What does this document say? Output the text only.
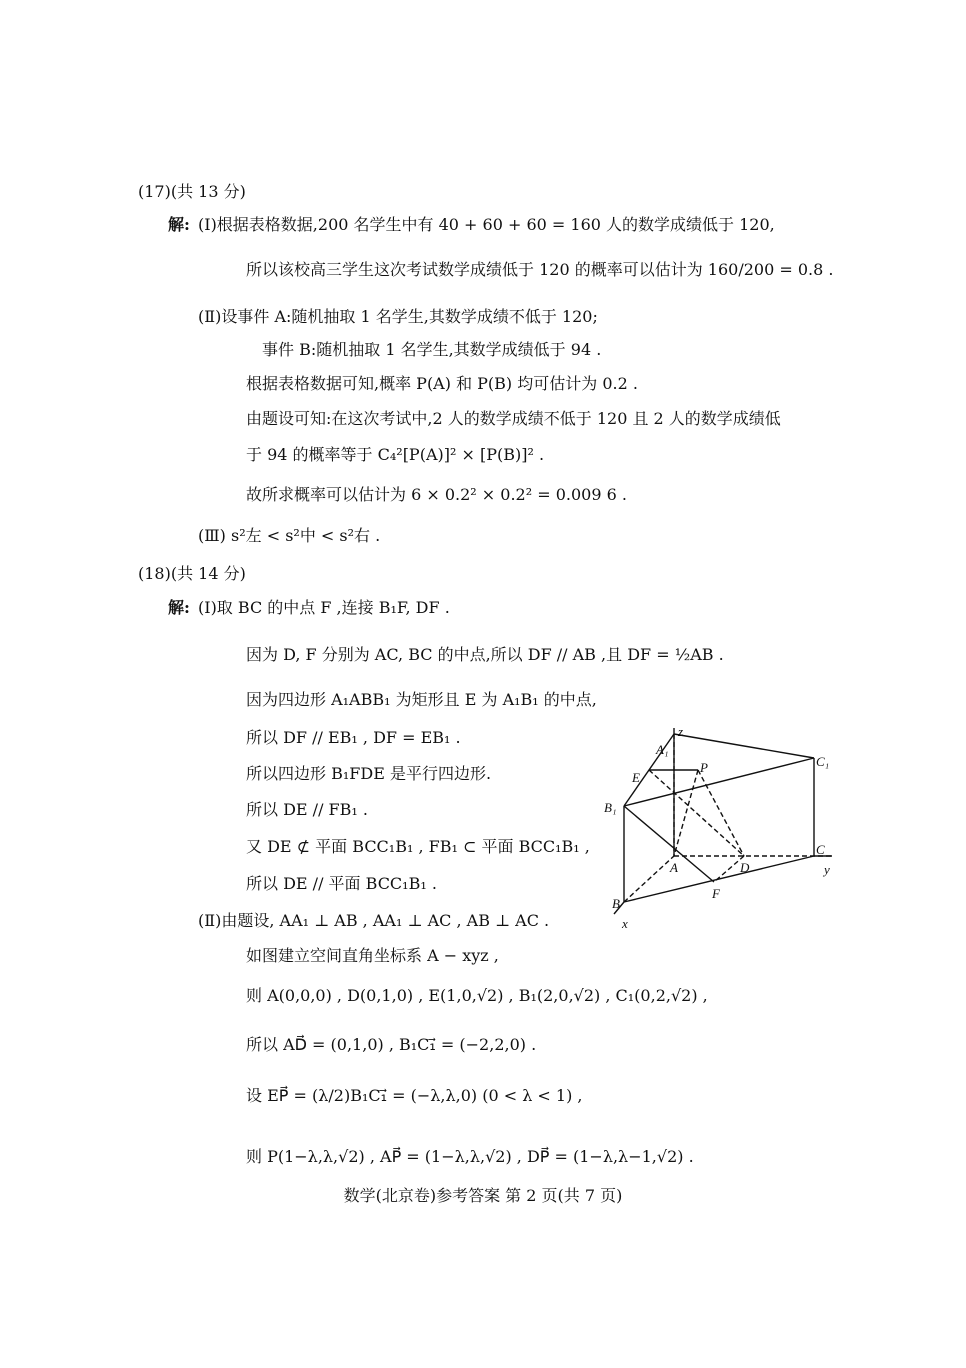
(17)(共 13 分)
解: (Ⅰ)根据表格数据,200 名学生中有 40 + 60 + 60 = 160 人的数学成绩低于 120,
所以该校高三学生这次考试数学成绩低于 120 的概率可以估计为 160/200 = 0.8 .
(Ⅱ)设事件 A:随机抽取 1 名学生,其数学成绩不低于 120;
事件 B:随机抽取 1 名学生,其数学成绩低于 94 .
根据表格数据可知,概率 P(A) 和 P(B) 均可估计为 0.2 .
由题设可知:在这次考试中,2 人的数学成绩不低于 120 且 2 人的数学成绩低
于 94 的概率等于 C₄²[P(A)]² × [P(B)]² .
故所求概率可以估计为 6 × 0.2² × 0.2² = 0.009 6 .
(Ⅲ) s²左 < s²中 < s²右 .
(18)(共 14 分)
解: (Ⅰ)取 BC 的中点 F ,连接 B₁F, DF .
因为 D, F 分别为 AC, BC 的中点,所以 DF // AB ,且 DF = ½AB .
因为四边形 A₁ABB₁ 为矩形且 E 为 A₁B₁ 的中点,
所以 DF // EB₁ , DF = EB₁ .
所以四边形 B₁FDE 是平行四边形.
所以 DE // FB₁ .
又 DE ⊄ 平面 BCC₁B₁ , FB₁ ⊂ 平面 BCC₁B₁ ,
所以 DE // 平面 BCC₁B₁ .
(Ⅱ)由题设, AA₁ ⊥ AB , AA₁ ⊥ AC , AB ⊥ AC .
如图建立空间直角坐标系 A − xyz ,
则 A(0,0,0) , D(0,1,0) , E(1,0,√2) , B₁(2,0,√2) , C₁(0,2,√2) ,
所以 AD⃗ = (0,1,0) , B₁C₁⃗ = (−2,2,0) .
设 EP⃗ = (λ/2)B₁C₁⃗ = (−λ,λ,0) (0 < λ < 1) ,
则 P(1−λ,λ,√2) , AP⃗ = (1−λ,λ,√2) , DP⃗ = (1−λ,λ−1,√2) .
A₁
z
C₁
E
P
B₁
C
A	D	y
F
B
x
数学(北京卷)参考答案 第 2 页(共 7 页)
